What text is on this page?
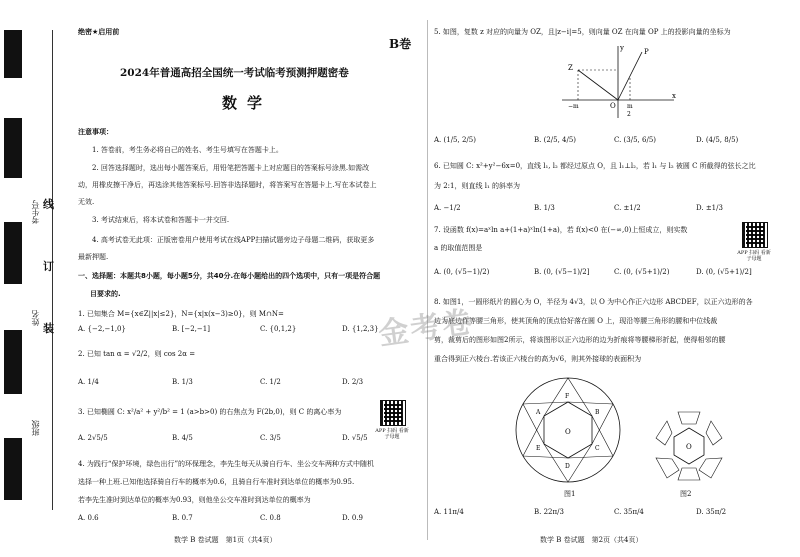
考生号
姓名
班级
线
订
装
绝密★启用前
B卷
2024年普通高招全国统一考试临考预测押题密卷
数学
注意事项：
1. 答卷前，考生务必将自己的姓名、考生号填写在答题卡上。
2. 回答选择题时，选出每小题答案后，用铅笔把答题卡上对应题目的答案标号涂黑.如需改
动，用橡皮擦干净后，再选涂其他答案标号.回答非选择题时，将答案写在答题卡上.写在本试卷上
无效.
3. 考试结束后，将本试卷和答题卡一并交回.
4. 高考试卷无此项：正版密卷用户使用考试在线APP扫描试题旁边子母题二维码，获取更多
最新押题.
一、选择题：本题共8小题，每小题5分，共40分.在每小题给出的四个选项中，只有一项是符合题
目要求的.
1. 已知集合 M={x∈Z||x|≤2}，N={x|x(x−3)≥0}，则 M∩N=
A. {−2,−1,0}	B. [−2,−1]	C. {0,1,2}	D. {1,2,3}
2. 已知 tan α = √2/2，则 cos 2α =
A. 1/4	B. 1/3	C. 1/2	D. 2/3
3. 已知椭圆 C: x²/a² + y²/b² = 1 (a>b>0) 的右焦点为 F(2b,0)，则 C 的离心率为
A. 2√5/5	B. 4/5	C. 3/5	D. √5/5
APP 扫码 看新子母题
4. 为践行“保护环境，绿色出行”的环保理念，李先生每天从骑自行车、坐公交车两种方式中随机
选择一种上班.已知他选择骑自行车的概率为0.6，且骑自行车准时到达单位的概率为0.95.
若李先生准时到达单位的概率为0.93，则他坐公交车准时到达单位的概率为
A. 0.6	B. 0.7	C. 0.8	D. 0.9
数学 B 卷试题　第1页（共4页）
5. 如图，复数 z 对应的向量为 OZ，且|z−i|=5，则向量 OZ 在向量 OP 上的投影向量的坐标为
y
x
Z
P
O
−m	m
2
A. (1/5, 2/5)	B. (2/5, 4/5)	C. (3/5, 6/5)	D. (4/5, 8/5)
6. 已知圆 C: x²+y²−6x=0，直线 l₁, l₂ 都经过原点 O，且 l₁⊥l₂，若 l₁ 与 l₂ 被圆 C 所截得的弦长之比
为 2:1，则直线 l₁ 的斜率为
A. −1/2	B. 1/3	C. ±1/2	D. ±1/3
7. 设函数 f(x)=aˣln a+(1+a)ˣln(1+a)，若 f(x)<0 在(−∞,0)上恒成立，则实数
a 的取值范围是
APP 扫码 看新子母题
A. (0, (√5−1)/2)	B. (0, (√5−1)/2]	C. (0, (√5+1)/2)	D. (0, (√5+1)/2]
8. 如图1，一圆形纸片的圆心为 O，半径为 4√3，以 O 为中心作正六边形 ABCDEF，以正六边形的各
边为底边作等腰三角形，使其顶角的顶点恰好落在圆 O 上，现沿等腰三角形的腰和中位线裁
剪，裁剪后的图形如图2所示，将该图形以正六边形的边为折痕将等腰梯形折起，使得相邻的腰
重合得到正六棱台.若该正六棱台的高为√6，则其外接球的表面积为
O
A	B
C
D
E
F
图1
O
图2
A. 11π/4	B. 22π/3	C. 35π/4	D. 35π/2
数学 B 卷试题　第2页（共4页）
金考卷
